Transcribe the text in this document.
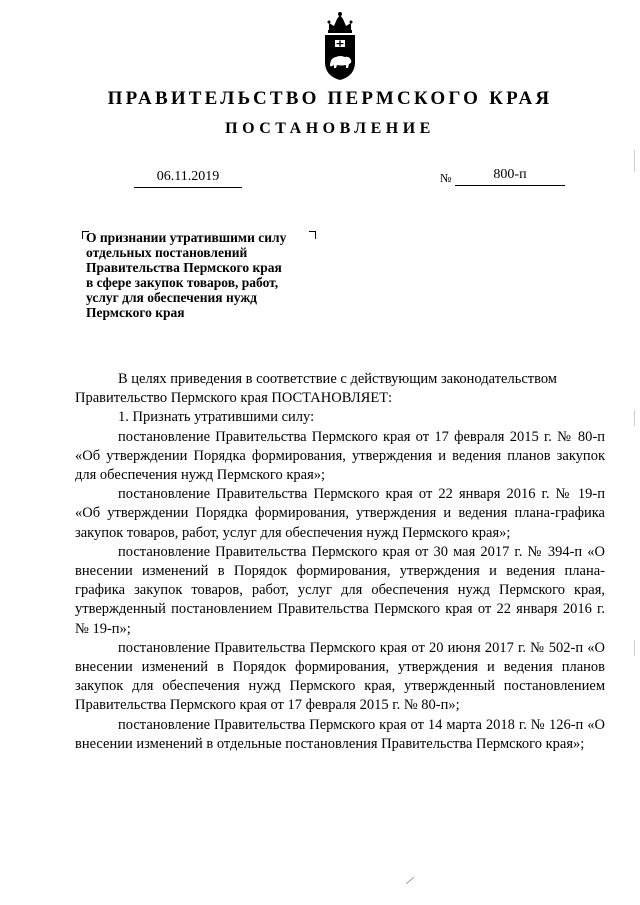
ПРАВИТЕЛЬСТВО ПЕРМСКОГО КРАЯ
ПОСТАНОВЛЕНИЕ
06.11.2019	№	800-п
О признании утратившими силу
отдельных постановлений
Правительства Пермского края
в сфере закупок товаров, работ,
услуг для обеспечения нужд
Пермского края

В целях приведения в соответствие с действующим законодательством Правительство Пермского края ПОСТАНОВЛЯЕТ:

1. Признать утратившими силу:

постановление Правительства Пермского края от 17 февраля 2015 г. № 80-п «Об утверждении Порядка формирования, утверждения и ведения планов закупок для обеспечения нужд Пермского края»;

постановление Правительства Пермского края от 22 января 2016 г. № 19-п «Об утверждении Порядка формирования, утверждения и ведения плана-графика закупок товаров, работ, услуг для обеспечения нужд Пермского края»;

постановление Правительства Пермского края от 30 мая 2017 г. № 394-п «О внесении изменений в Порядок формирования, утверждения и ведения плана-графика закупок товаров, работ, услуг для обеспечения нужд Пермского края, утвержденный постановлением Правительства Пермского края от 22 января 2016 г. № 19-п»;

постановление Правительства Пермского края от 20 июня 2017 г. № 502-п «О внесении изменений в Порядок формирования, утверждения и ведения планов закупок для обеспечения нужд Пермского края, утвержденный постановлением Правительства Пермского края от 17 февраля 2015 г. № 80-п»;

постановление Правительства Пермского края от 14 марта 2018 г. № 126-п «О внесении изменений в отдельные постановления Правительства Пермского края»;
